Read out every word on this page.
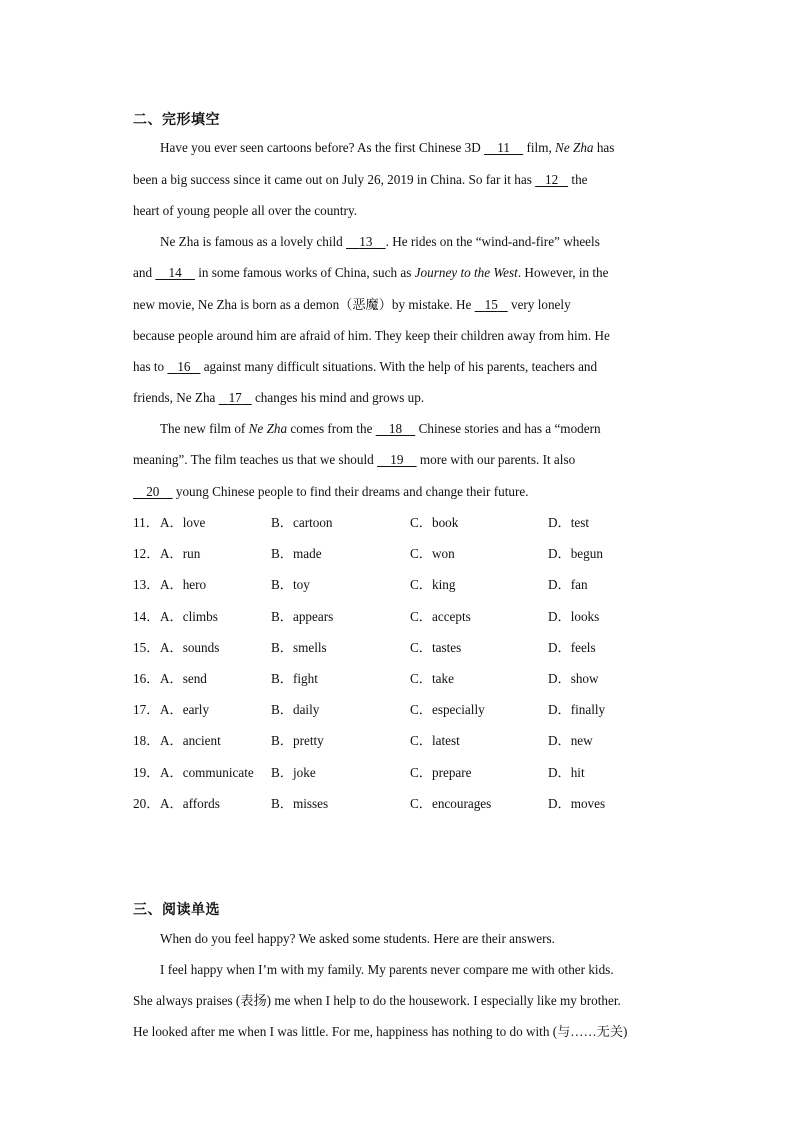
二、完形填空
Have you ever seen cartoons before? As the first Chinese 3D     11     film, Ne Zha has
been a big success since it came out on July 26, 2019 in China. So far it has    12    the
heart of young people all over the country.
Ne Zha is famous as a lovely child     13 . He rides on the “wind-and-fire” wheels
and     14     in some famous works of China, such as Journey to the West. However, in the
new movie, Ne Zha is born as a demon（恶魔）by mistake. He    15    very lonely
because people around him are afraid of him. They keep their children away from him. He
has to    16    against many difficult situations. With the help of his parents, teachers and
friends, Ne Zha    17    changes his mind and grows up.
The new film of Ne Zha comes from the     18     Chinese stories and has a “modern
meaning”. The film teaches us that we should     19     more with our parents. It also
20     young Chinese people to find their dreams and change their future.
11． A．love	B．cartoon	C．book	D．test
12． A．run	B．made	C．won	D．begun
13． A．hero	B．toy	C．king	D．fan
14． A．climbs	B．appears	C．accepts	D．looks
15． A．sounds	B．smells	C．tastes	D．feels
16． A．send	B．fight	C．take	D．show
17． A．early	B．daily	C．especially	D．finally
18． A．ancient	B．pretty	C．latest	D．new
19． A．communicate B．joke	C．prepare	D．hit
20． A．affords	B．misses	C．encourages	D．moves
三、阅读单选
When do you feel happy? We asked some students. Here are their answers.
I feel happy when I’m with my family. My parents never compare me with other kids.
She always praises (表扬) me when I help to do the housework. I especially like my brother.
He looked after me when I was little. For me, happiness has nothing to do with (与……无关)
